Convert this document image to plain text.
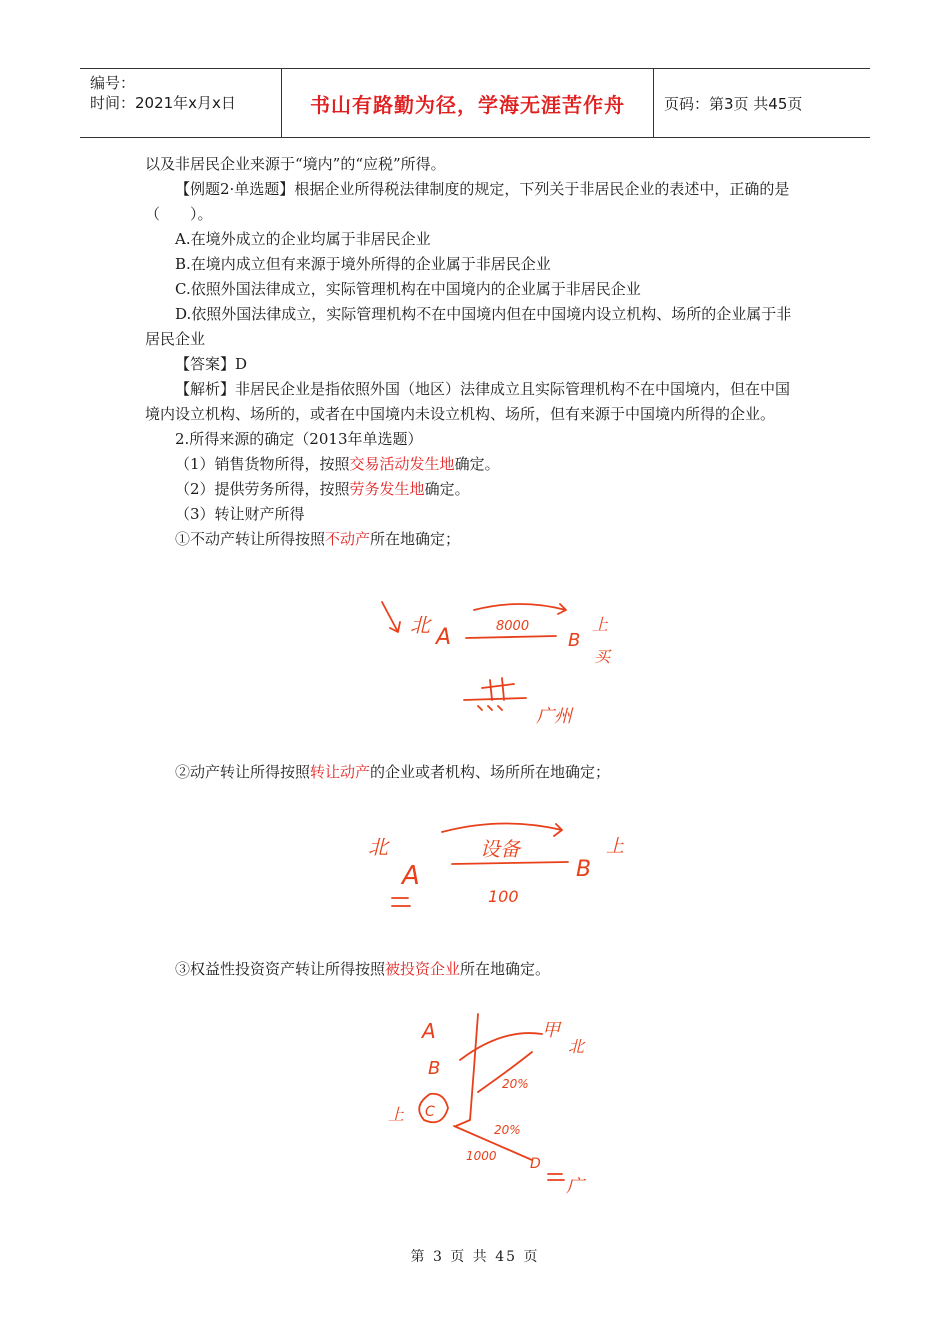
编号：
时间：2021年x月x日	书山有路勤为径，学海无涯苦作舟	页码：第3页 共45页

以及非居民企业来源于“境内”的“应税”所得。

【例题2·单选题】根据企业所得税法律制度的规定，下列关于非居民企业的表述中，正确的是（　　）。

A.在境外成立的企业均属于非居民企业

B.在境内成立但有来源于境外所得的企业属于非居民企业

C.依照外国法律成立，实际管理机构在中国境内的企业属于非居民企业

D.依照外国法律成立，实际管理机构不在中国境内但在中国境内设立机构、场所的企业属于非居民企业

【答案】D

【解析】非居民企业是指依照外国（地区）法律成立且实际管理机构不在中国境内，但在中国境内设立机构、场所的，或者在中国境内未设立机构、场所，但有来源于中国境内所得的企业。

2.所得来源的确定（2013年单选题）

（1）销售货物所得，按照交易活动发生地确定。

（2）提供劳务所得，按照劳务发生地确定。

（3）转让财产所得

①不动产转让所得按照不动产所在地确定；

北 A	8000
B
上
买
广州

②动产转让所得按照转让动产的企业或者机构、场所所在地确定；

北
A
设备
100
B
上

③权益性投资资产转让所得按照被投资企业所在地确定。

A
B
上 C
甲
北
20%
20%
1000 D
广
第 3 页 共 45 页
